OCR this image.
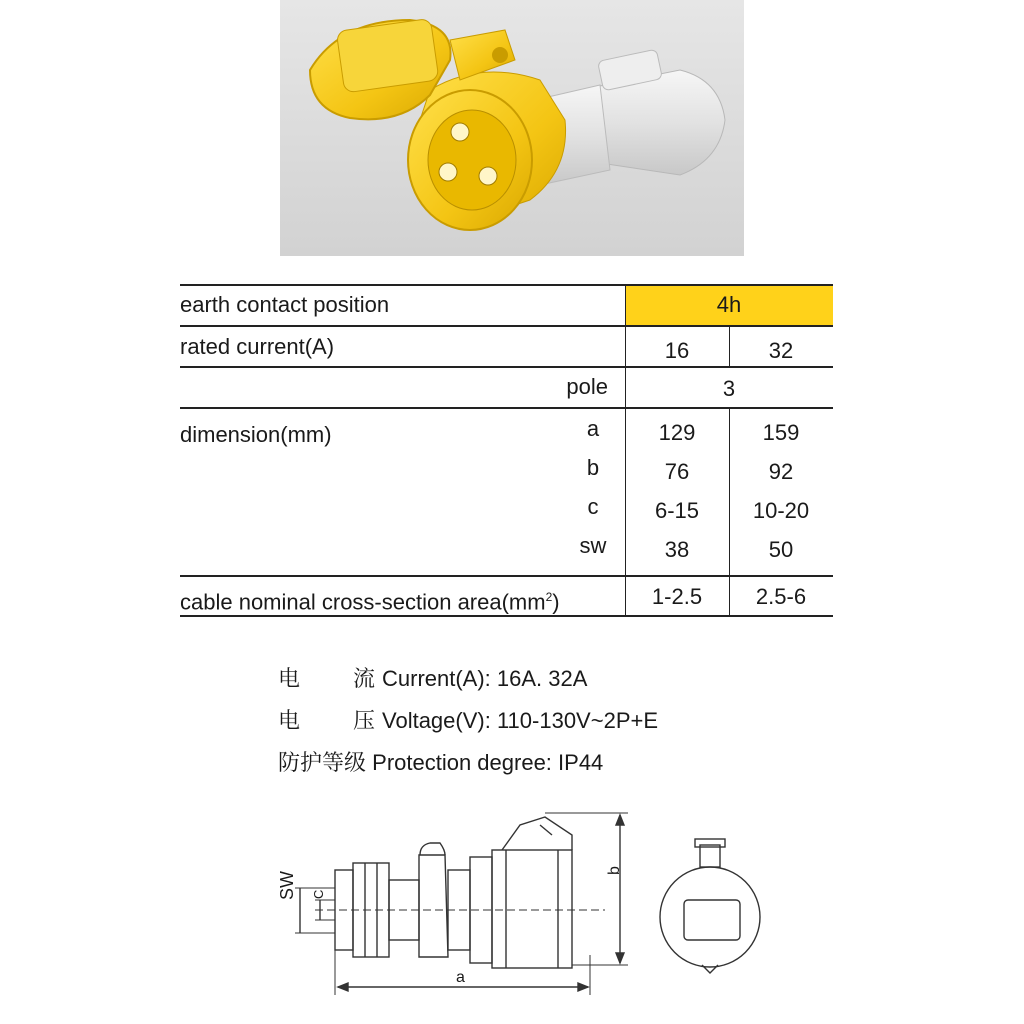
earth contact position	4h
rated current(A)	16	32
pole	3
dimension(mm)	a	129	159
b	76	92
c	6-15	10-20
sw	38	50
cable nominal cross-section $area(mm^2)$	1-2.5	2.5-6
电 流 Current(A): 16A. 32A
电 压 Voltage(V): 110-130V~2P+E
防护等级 Protection degree: IP44
SW	C
a
b
